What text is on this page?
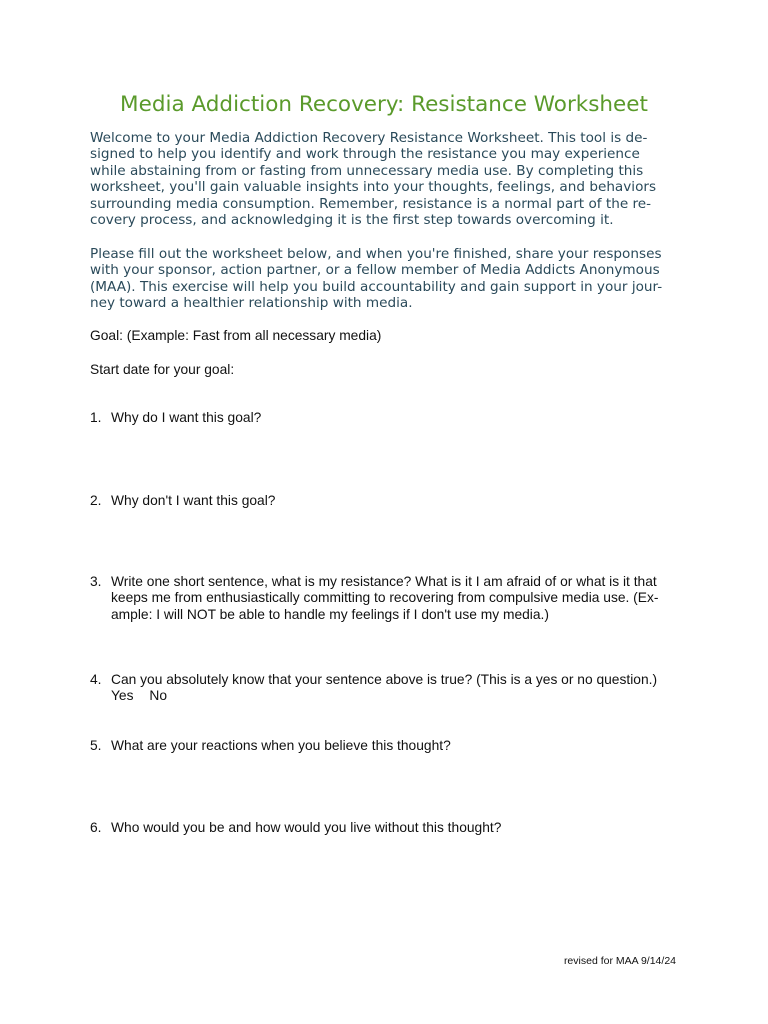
Media Addiction Recovery: Resistance Worksheet
Welcome to your Media Addiction Recovery Resistance Worksheet. This tool is de-
signed to help you identify and work through the resistance you may experience
while abstaining from or fasting from unnecessary media use. By completing this
worksheet, you'll gain valuable insights into your thoughts, feelings, and behaviors
surrounding media consumption. Remember, resistance is a normal part of the re-
covery process, and acknowledging it is the first step towards overcoming it.
Please fill out the worksheet below, and when you're finished, share your responses
with your sponsor, action partner, or a fellow member of Media Addicts Anonymous
(MAA). This exercise will help you build accountability and gain support in your jour-
ney toward a healthier relationship with media.
Goal: (Example: Fast from all necessary media)
Start date for your goal:
1. Why do I want this goal?
2. Why don't I want this goal?
3. Write one short sentence, what is my resistance? What is it I am afraid of or what is it that
keeps me from enthusiastically committing to recovering from compulsive media use. (Ex-
ample: I will NOT be able to handle my feelings if I don't use my media.)
4. Can you absolutely know that your sentence above is true? (This is a yes or no question.)
Yes No
5. What are your reactions when you believe this thought?
6. Who would you be and how would you live without this thought?
revised for MAA 9/14/24
